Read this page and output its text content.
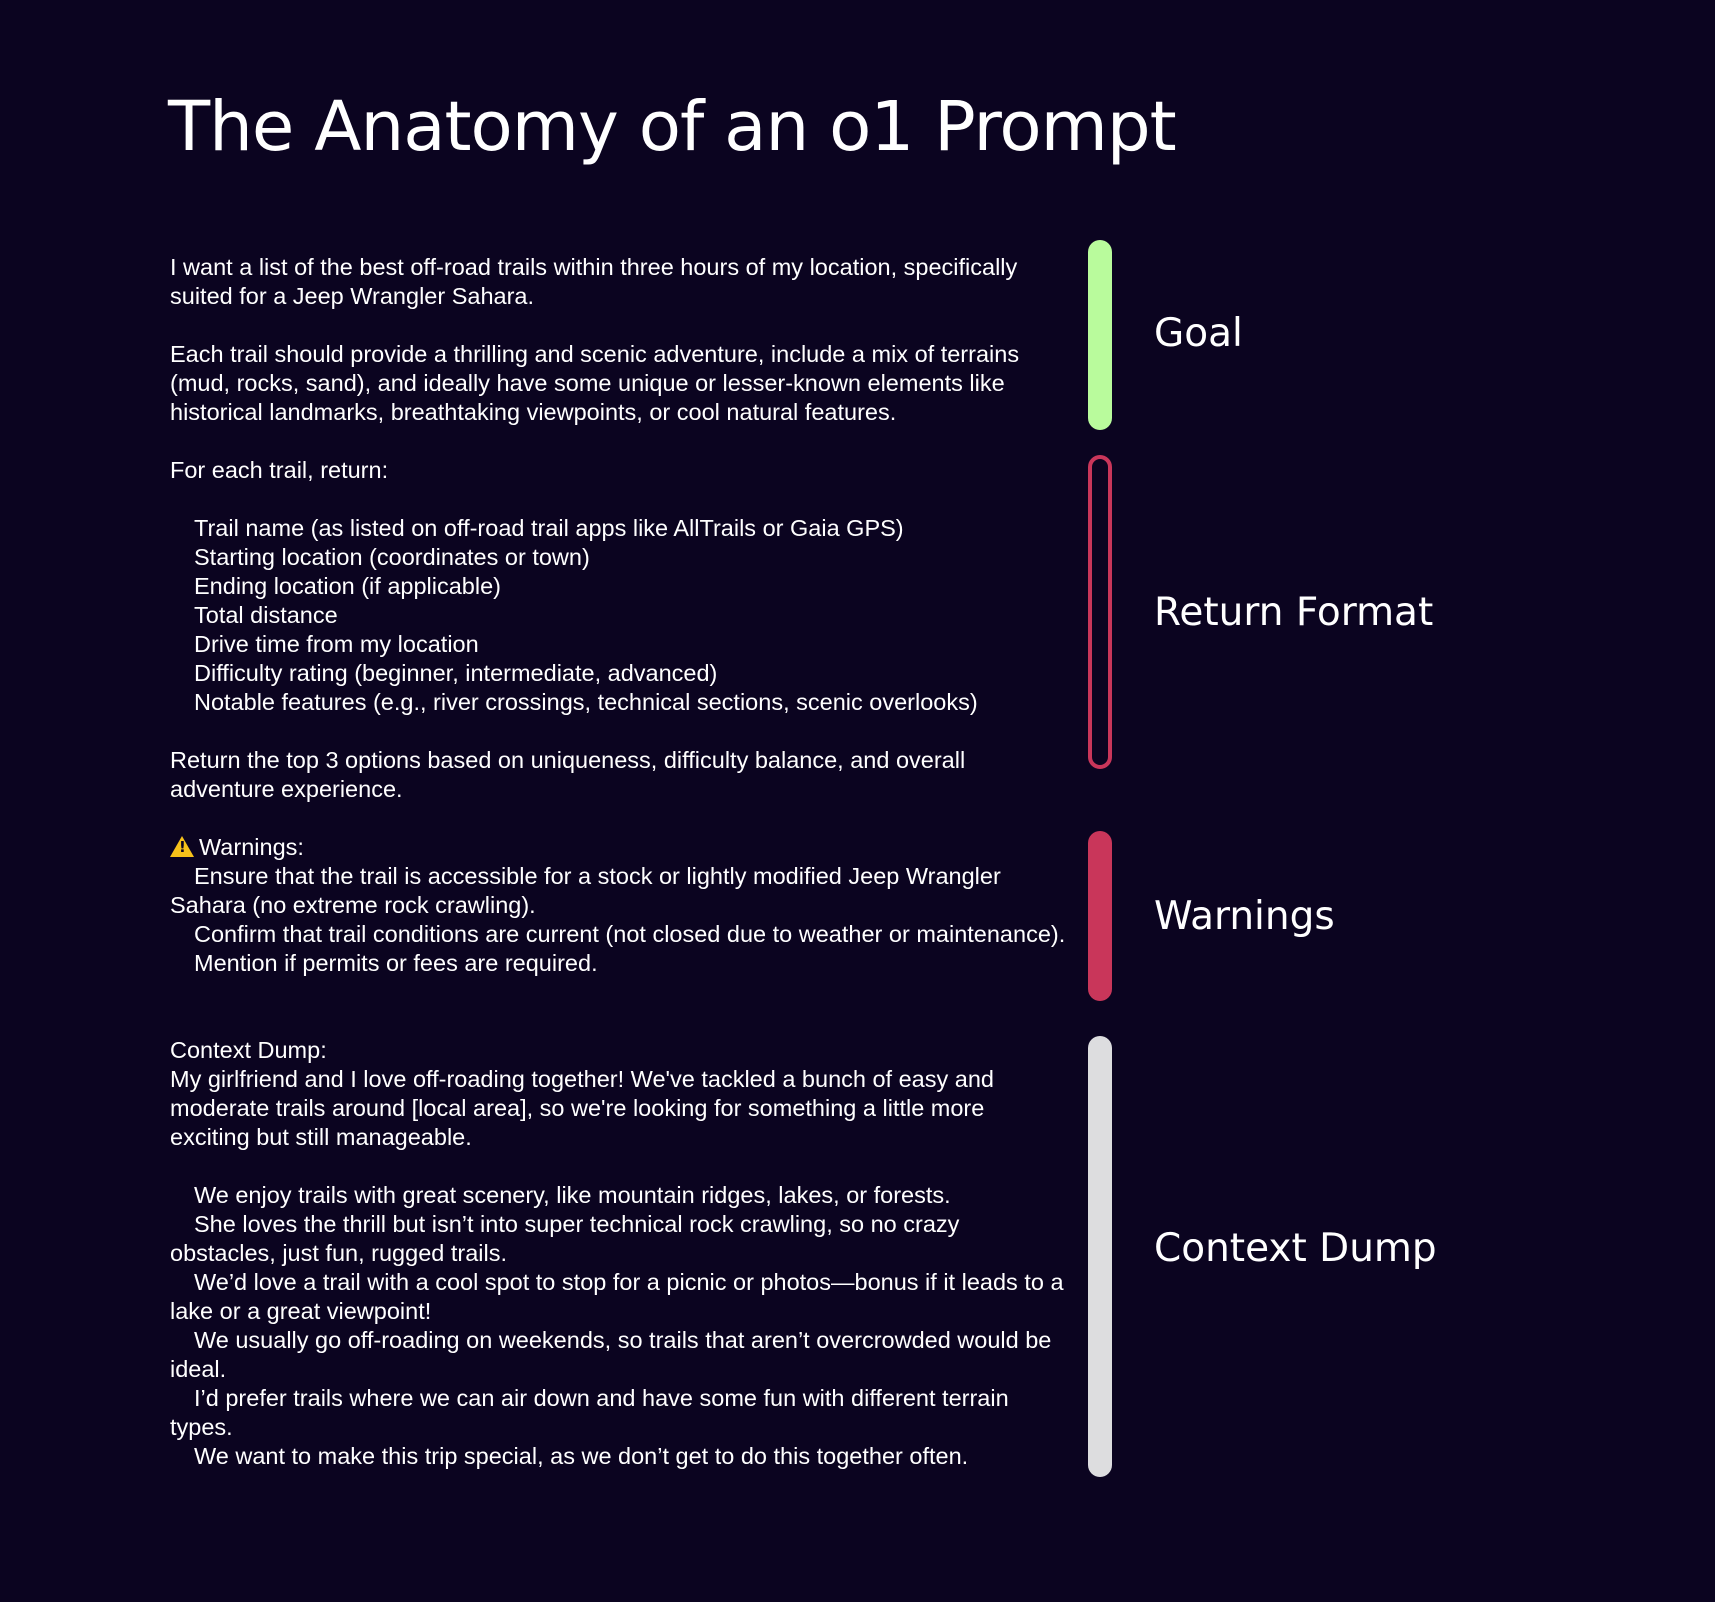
The Anatomy of an o1 Prompt

I want a list of the best off-road trails within three hours of my location, specifically suited for a Jeep Wrangler Sahara.

Each trail should provide a thrilling and scenic adventure, include a mix of terrains (mud, rocks, sand), and ideally have some unique or lesser-known elements like historical landmarks, breathtaking viewpoints, or cool natural features.

Goal

For each trail, return:

Trail name (as listed on off-road trail apps like AllTrails or Gaia GPS)

Starting location (coordinates or town)

Ending location (if applicable)

Total distance

Drive time from my location

Difficulty rating (beginner, intermediate, advanced)

Notable features (e.g., river crossings, technical sections, scenic overlooks)

Return the top 3 options based on uniqueness, difficulty balance, and overall adventure experience.

Return Format

!Warnings:

Ensure that the trail is accessible for a stock or lightly modified Jeep Wrangler Sahara (no extreme rock crawling).

Confirm that trail conditions are current (not closed due to weather or maintenance).

Mention if permits or fees are required.

Warnings

Context Dump:

My girlfriend and I love off-roading together! We've tackled a bunch of easy and moderate trails around [local area], so we're looking for something a little more exciting but still manageable.

We enjoy trails with great scenery, like mountain ridges, lakes, or forests.

She loves the thrill but isn’t into super technical rock crawling, so no crazy obstacles, just fun, rugged trails.

We’d love a trail with a cool spot to stop for a picnic or photos—bonus if it leads to a lake or a great viewpoint!

We usually go off-roading on weekends, so trails that aren’t overcrowded would be ideal.

I’d prefer trails where we can air down and have some fun with different terrain types.

We want to make this trip special, as we don’t get to do this together often.

Context Dump
